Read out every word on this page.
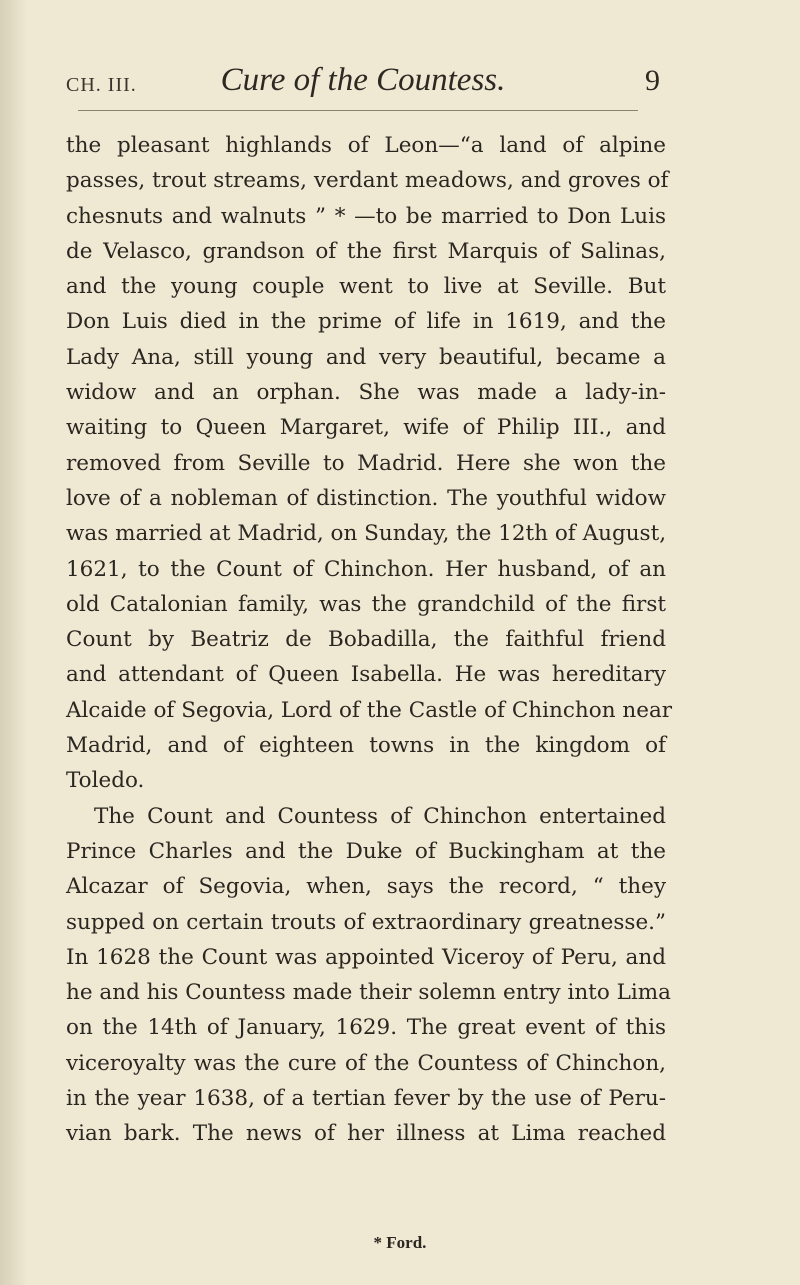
CH. III.	Cure of the Countess.	9
the pleasant highlands of Leon—“a land of alpine
passes, trout streams, verdant meadows, and groves of
chesnuts and walnuts ” * —to be married to Don Luis
de Velasco, grandson of the first Marquis of Salinas,
and the young couple went to live at Seville. But
Don Luis died in the prime of life in 1619, and the
Lady Ana, still young and very beautiful, became a
widow and an orphan. She was made a lady-in-
waiting to Queen Margaret, wife of Philip III., and
removed from Seville to Madrid. Here she won the
love of a nobleman of distinction. The youthful widow
was married at Madrid, on Sunday, the 12th of August,
1621, to the Count of Chinchon. Her husband, of an
old Catalonian family, was the grandchild of the first
Count by Beatriz de Bobadilla, the faithful friend
and attendant of Queen Isabella. He was hereditary
Alcaide of Segovia, Lord of the Castle of Chinchon near
Madrid, and of eighteen towns in the kingdom of
Toledo.
The Count and Countess of Chinchon entertained
Prince Charles and the Duke of Buckingham at the
Alcazar of Segovia, when, says the record, “ they
supped on certain trouts of extraordinary greatnesse.”
In 1628 the Count was appointed Viceroy of Peru, and
he and his Countess made their solemn entry into Lima
on the 14th of January, 1629. The great event of this
viceroyalty was the cure of the Countess of Chinchon,
in the year 1638, of a tertian fever by the use of Peru-
vian bark. The news of her illness at Lima reached
* Ford.
